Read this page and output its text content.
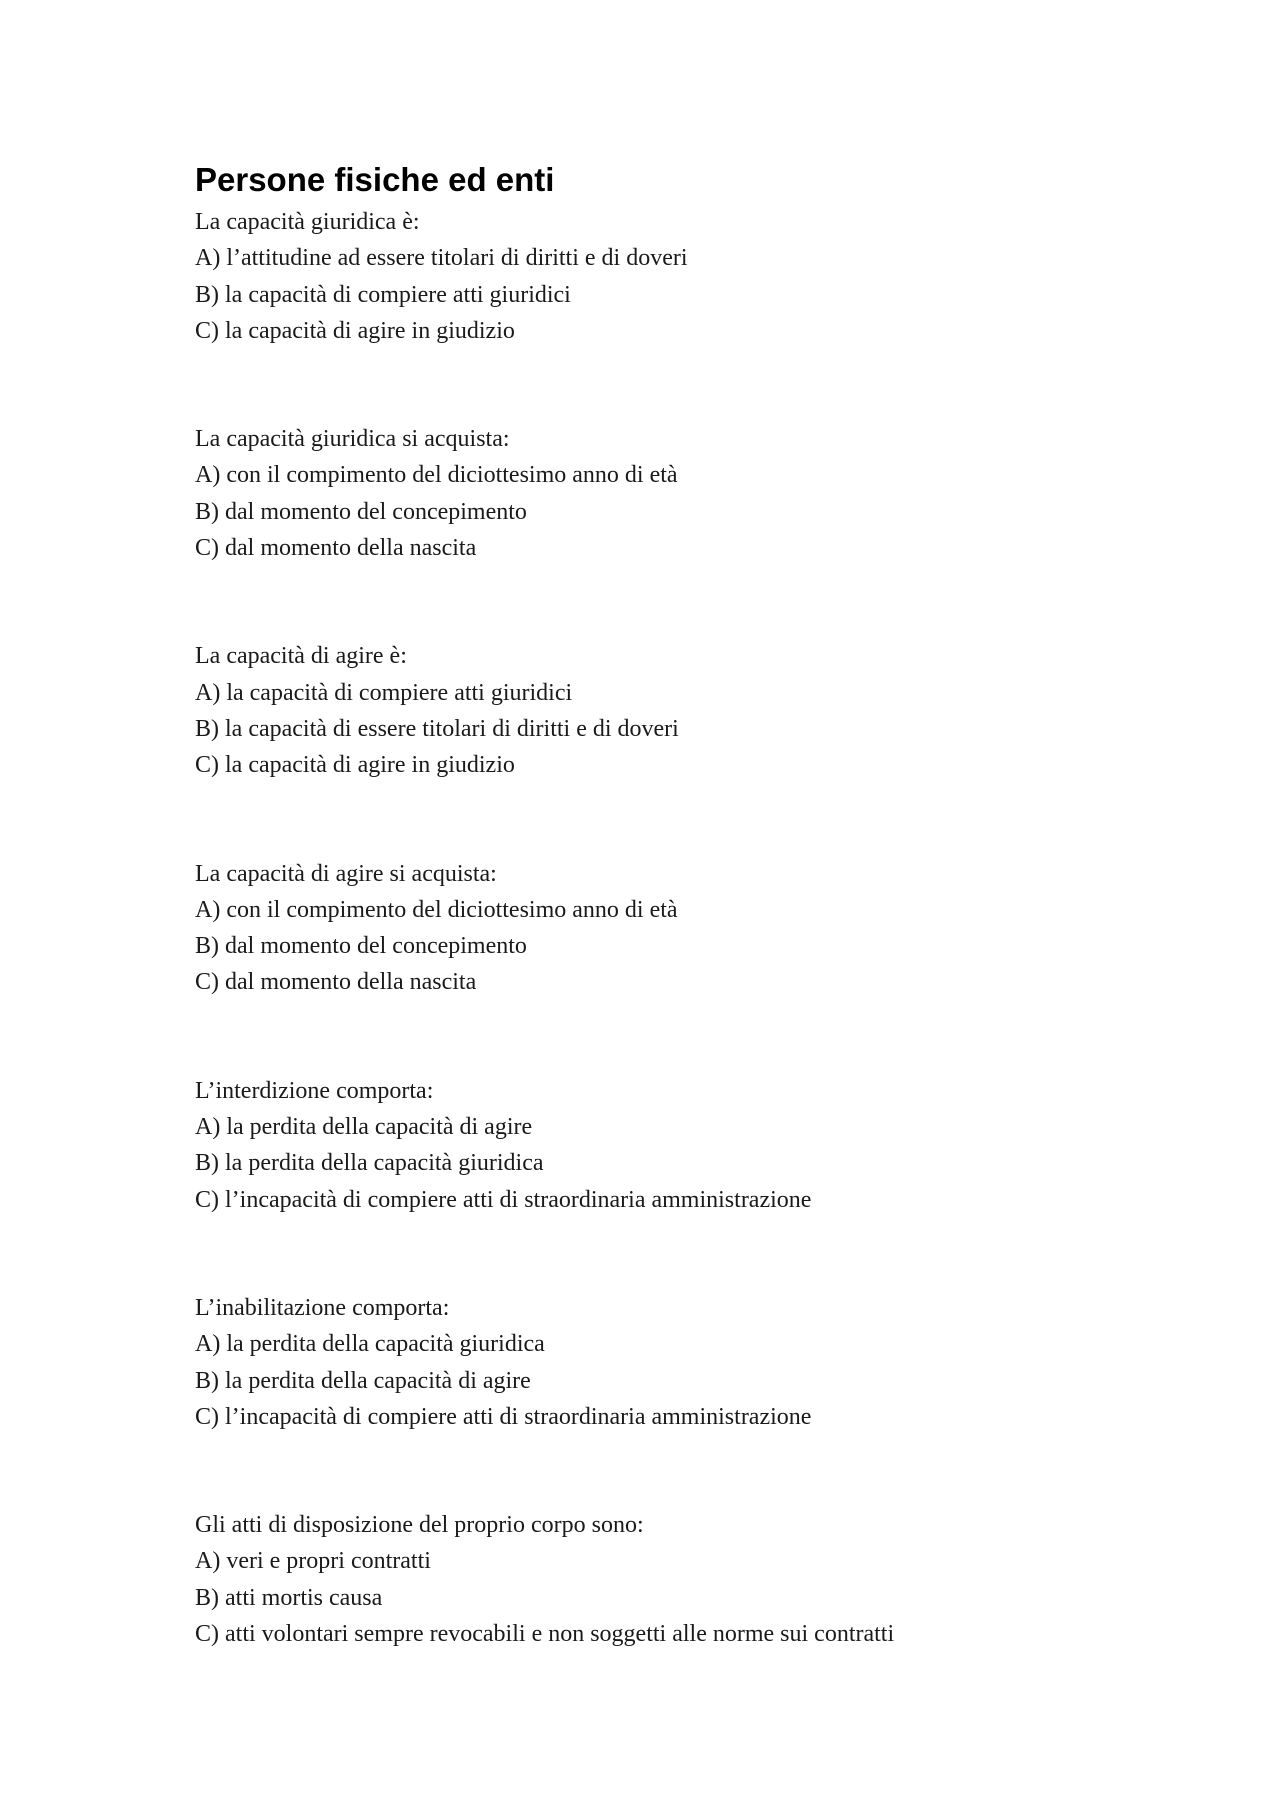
Persone fisiche ed enti
La capacità giuridica è:
A) l’attitudine ad essere titolari di diritti e di doveri
B) la capacità di compiere atti giuridici
C) la capacità di agire in giudizio
La capacità giuridica si acquista:
A) con il compimento del diciottesimo anno di età
B) dal momento del concepimento
C) dal momento della nascita
La capacità di agire è:
A) la capacità di compiere atti giuridici
B) la capacità di essere titolari di diritti e di doveri
C) la capacità di agire in giudizio
La capacità di agire si acquista:
A) con il compimento del diciottesimo anno di età
B) dal momento del concepimento
C) dal momento della nascita
L’interdizione comporta:
A) la perdita della capacità di agire
B) la perdita della capacità giuridica
C) l’incapacità di compiere atti di straordinaria amministrazione
L’inabilitazione comporta:
A) la perdita della capacità giuridica
B) la perdita della capacità di agire
C) l’incapacità di compiere atti di straordinaria amministrazione
Gli atti di disposizione del proprio corpo sono:
A) veri e propri contratti
B) atti mortis causa
C) atti volontari sempre revocabili e non soggetti alle norme sui contratti
